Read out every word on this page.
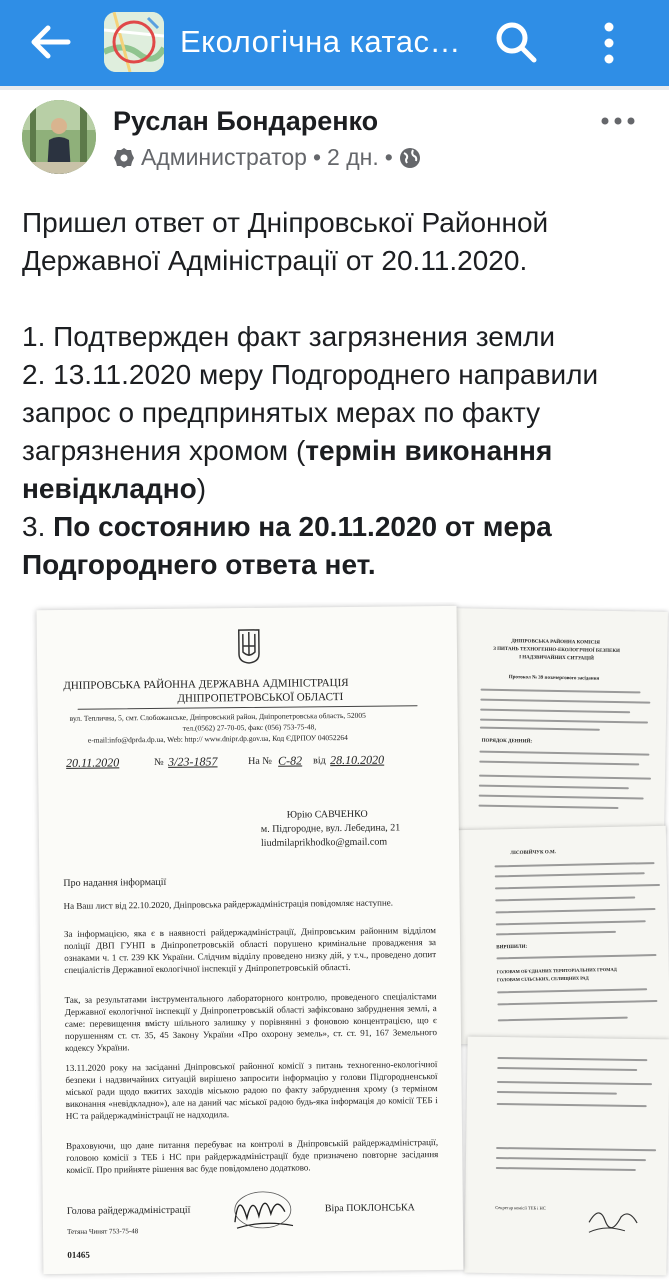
Екологічна катас…
Руслан Бондаренко
Администратор • 2 дн. •

Пришел ответ от Дніпровської Районной Державної Адміністрації от 20.11.2020.

1. Подтвержден факт загрязнения земли

2. 13.11.2020 меру Подгороднего направили запрос о предпринятых мерах по факту загрязнения хромом (термін виконання невідкладно)

3. По состоянию на 20.11.2020 от мера Подгороднего ответа нет.

ДНІПРОВСЬКА РАЙОННА КОМІСІЯ
З ПИТАНЬ ТЕХНОГЕННО-ЕКОЛОГІЧНОЇ БЕЗПЕКИ
І НАДЗВИЧАЙНИХ СИТУАЦІЙ
Протокол № 39 позачергового засідання
ПОРЯДОК ДЕННИЙ:
ЛІСОВІЙЧУК О.М.
ВИРІШИЛИ:
ГОЛОВАМ ОБ'ЄДНАНИХ ТЕРИТОРІАЛЬНИХ ГРОМАД
ГОЛОВАМ СІЛЬСЬКИХ, СЕЛИЩНИХ РАД
Секретар комісії ТЕБ і НС
ДНІПРОВСЬКА РАЙОННА ДЕРЖАВНА АДМІНІСТРАЦІЯ
ДНІПРОПЕТРОВСЬКОЇ ОБЛАСТІ
вул. Теплична, 5, смт. Слобожанське, Дніпровський район, Дніпропетровська область, 52005
тел.(0562) 27-70-05, факс (056) 753-75-48,
e-mail:info@dprda.dp.ua, Web: http:// www.dnipr.dp.gov.ua, Код ЄДРПОУ 04052264
20.11.2020	№ 3/23-1857	На № С-82 від 28.10.2020
Юрію САВЧЕНКО
м. Підгородне, вул. Лебедина, 21
liudmilaprikhodko@gmail.com
Про надання інформації
На Ваш лист від 22.10.2020, Дніпровська райдержадміністрація повідомляє наступне.
За інформацією, яка є в наявності райдержадміністрації, Дніпровським районним відділом поліції ДВП ГУНП в Дніпропетровській області порушено кримінальне провадження за ознаками ч. 1 ст. 239 КК України. Слідчим відділу проведено низку дій, у т.ч., проведено допит спеціалістів Державної екологічної інспекції у Дніпропетровській області.
Так, за результатами інструментального лабораторного контролю, проведеного спеціалістами Державної екологічної інспекції у Дніпропетровській області зафіксовано забруднення землі, а саме: перевищення вмісту шільного залишку у порівнянні з фоновою концентрацією, що є порушенням ст. ст. 35, 45 Закону України «Про охорону земель», ст. ст. 91, 167 Земельного кодексу України.
13.11.2020 року на засіданні Дніпровської районної комісії з питань техногенно-екологічної безпеки і надзвичайних ситуацій вирішено запросити інформацію у голови Підгородненської міської ради щодо вжитих заходів міською радою по факту забруднення хрому (з терміном виконання «невідкладно»), але на даний час міської радою будь-яка інформація до комісії ТЕБ і НС та райдержадміністрації не надходила.
Враховуючи, що дане питання перебуває на контролі в Дніпровській райдержадміністрації, головою комісії з ТЕБ і НС при райдержадміністрації буде призначено повторне засідання комісії. Про прийняте рішення вас буде повідомлено додатково.
Голова райдержадміністрації	Віра ПОКЛОНСЬКА
Тетяна Чинят 753-75-48
01465
